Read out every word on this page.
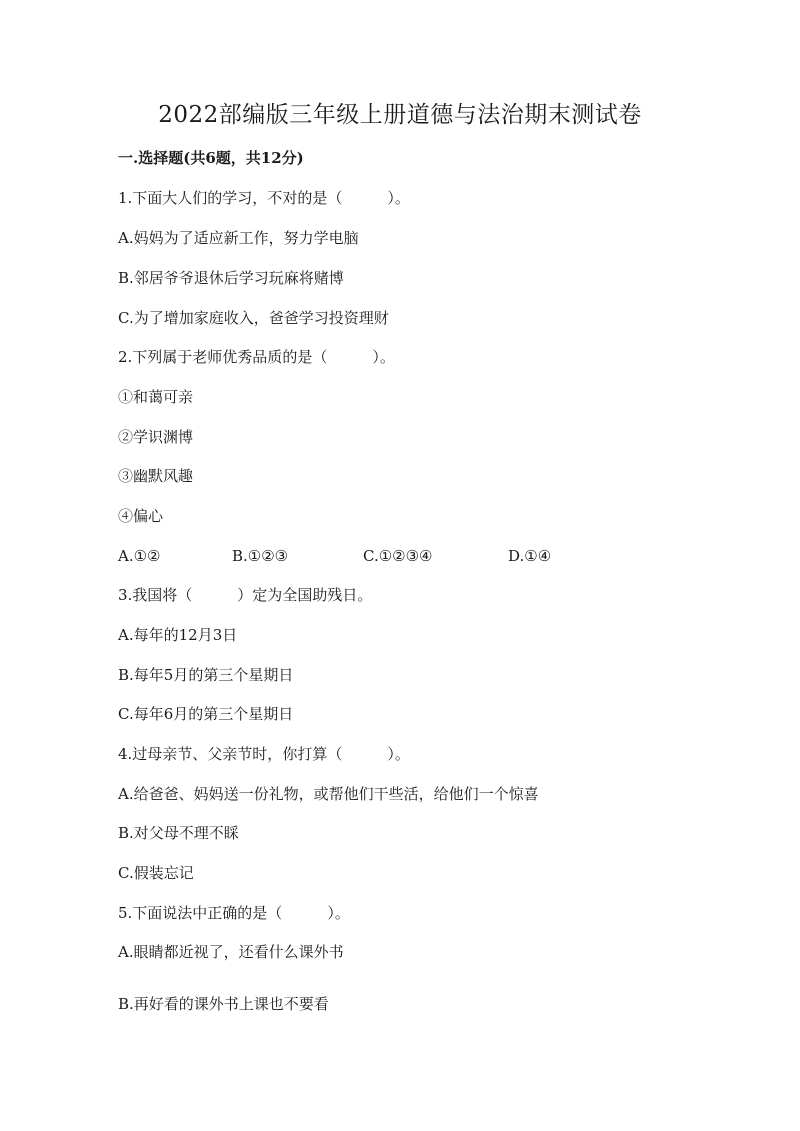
2022部编版三年级上册道德与法治期末测试卷
一.选择题(共6题，共12分)
1.下面大人们的学习，不对的是（　　　）。
A.妈妈为了适应新工作，努力学电脑
B.邻居爷爷退休后学习玩麻将赌博
C.为了增加家庭收入，爸爸学习投资理财
2.下列属于老师优秀品质的是（　　　）。
①和蔼可亲
②学识渊博
③幽默风趣
④偏心
A.①②	B.①②③	C.①②③④	D.①④
3.我国将（　　　）定为全国助残日。
A.每年的12月3日
B.每年5月的第三个星期日
C.每年6月的第三个星期日
4.过母亲节、父亲节时，你打算（　　　）。
A.给爸爸、妈妈送一份礼物，或帮他们干些活，给他们一个惊喜
B.对父母不理不睬
C.假装忘记
5.下面说法中正确的是（　　　）。
A.眼睛都近视了，还看什么课外书
B.再好看的课外书上课也不要看
